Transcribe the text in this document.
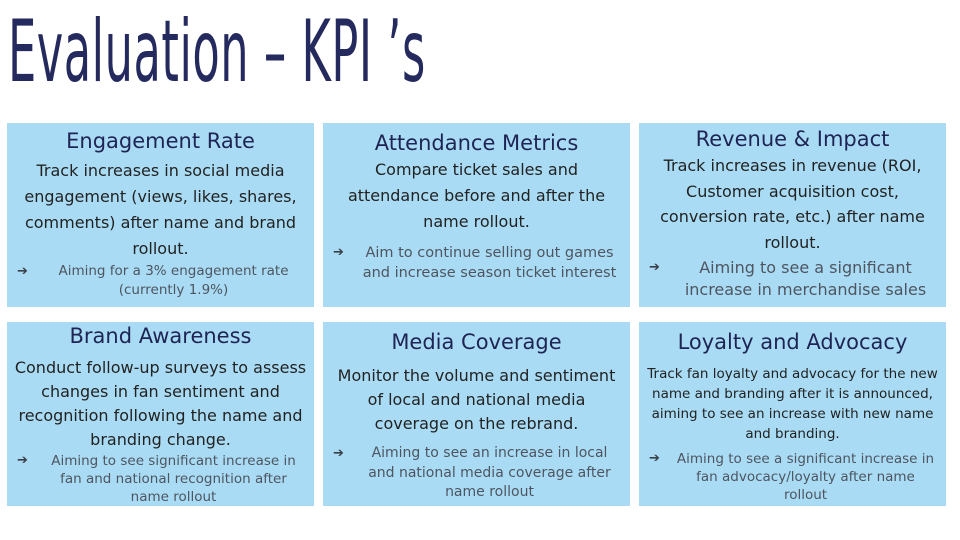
Evaluation – KPI ’s
Engagement Rate
Track increases in social media engagement (views, likes, shares, comments) after name and brand rollout.
➔ Aiming for a 3% engagement rate (currently 1.9%)
Attendance Metrics
Compare ticket sales and attendance before and after the name rollout.
➔ Aim to continue selling out games and increase season ticket interest
Revenue & Impact
Track increases in revenue (ROI, Customer acquisition cost, conversion rate, etc.) after name rollout.
➔ Aiming to see a significant increase in merchandise sales
Brand Awareness
Conduct follow-up surveys to assess changes in fan sentiment and recognition following the name and branding change.
➔ Aiming to see significant increase in fan and national recognition after name rollout
Media Coverage
Monitor the volume and sentiment of local and national media coverage on the rebrand.
➔ Aiming to see an increase in local and national media coverage after name rollout
Loyalty and Advocacy
Track fan loyalty and advocacy for the new name and branding after it is announced, aiming to see an increase with new name and branding.
➔ Aiming to see a significant increase in fan advocacy/loyalty after name rollout
